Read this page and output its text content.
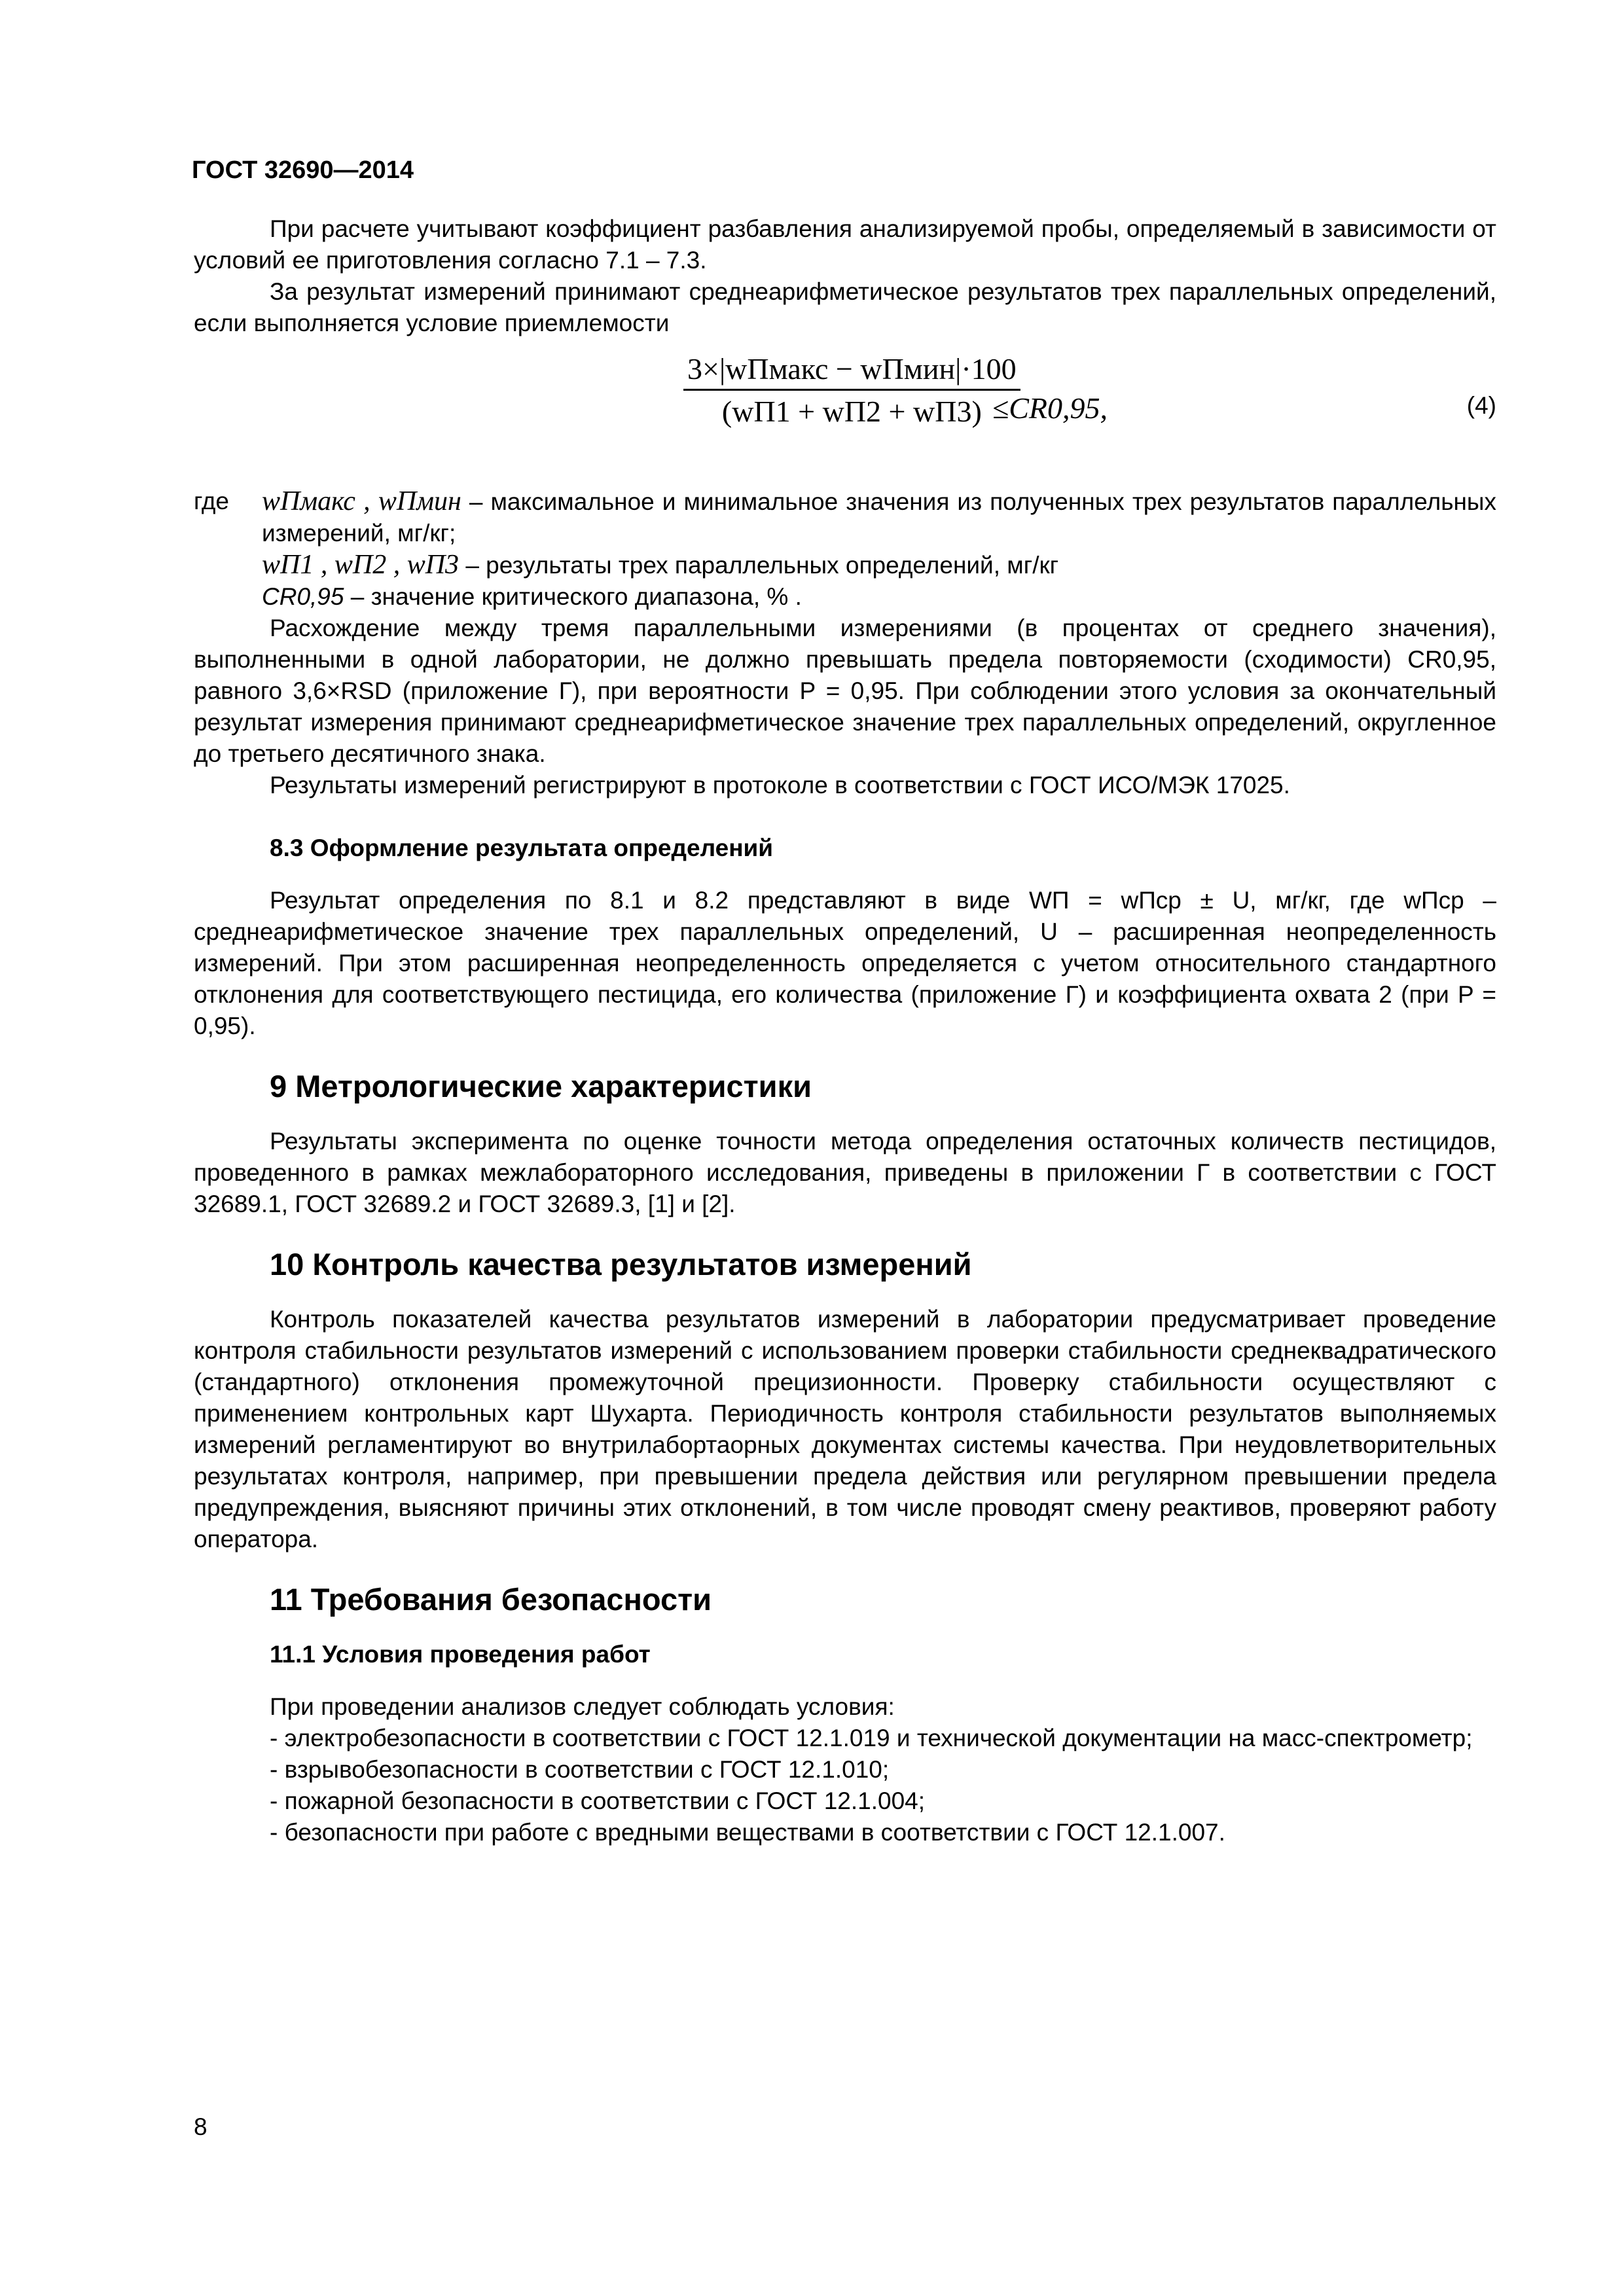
ГОСТ 32690—2014

При расчете учитывают коэффициент разбавления анализируемой пробы, определяемый в зависимости от условий ее приготовления согласно 7.1 – 7.3.

За результат измерений принимают среднеарифметическое результатов трех параллельных определений, если выполняется условие приемлемости

3×|wПмакс − wПмин|·100
(wП1 + wП2 + wП3) ≤CR0,95,	(4)
где wПмакс , wПмин – максимальное и минимальное значения из полученных трех результатов параллельных измерений, мг/кг;

wП1 , wП2 , wП3 – результаты трех параллельных определений, мг/кг

CR0,95 – значение критического диапазона, % .

Расхождение между тремя параллельными измерениями (в процентах от среднего значения), выполненными в одной лаборатории, не должно превышать предела повторяемости (сходимости) CR0,95, равного 3,6×RSD (приложение Г), при вероятности P = 0,95. При соблюдении этого условия за окончательный результат измерения принимают среднеарифметическое значение трех параллельных определений, округленное до третьего десятичного знака.

Результаты измерений регистрируют в протоколе в соответствии с ГОСТ ИСО/МЭК 17025.

8.3 Оформление результата определений

Результат определения по 8.1 и 8.2 представляют в виде WП = wПср ± U, мг/кг, где wПср – среднеарифметическое значение трех параллельных определений, U – расширенная неопределенность измерений. При этом расширенная неопределенность определяется с учетом относительного стандартного отклонения для соответствующего пестицида, его количества (приложение Г) и коэффициента охвата 2 (при P = 0,95).

9 Метрологические характеристики

Результаты эксперимента по оценке точности метода определения остаточных количеств пестицидов, проведенного в рамках межлабораторного исследования, приведены в приложении Г в соответствии с ГОСТ 32689.1, ГОСТ 32689.2 и ГОСТ 32689.3, [1] и [2].

10 Контроль качества результатов измерений

Контроль показателей качества результатов измерений в лаборатории предусматривает проведение контроля стабильности результатов измерений с использованием проверки стабильности среднеквадратического (стандартного) отклонения промежуточной прецизионности. Проверку стабильности осуществляют с применением контрольных карт Шухарта. Периодичность контроля стабильности результатов выполняемых измерений регламентируют во внутрилабортаорных документах системы качества. При неудовлетворительных результатах контроля, например, при превышении предела действия или регулярном превышении предела предупреждения, выясняют причины этих отклонений, в том числе проводят смену реактивов, проверяют работу оператора.

11 Требования безопасности
11.1 Условия проведения работ

При проведении анализов следует соблюдать условия:

- электробезопасности в соответствии с ГОСТ 12.1.019 и технической документации на масс-спектрометр;

- взрывобезопасности в соответствии с ГОСТ 12.1.010;

- пожарной безопасности в соответствии с ГОСТ 12.1.004;

- безопасности при работе с вредными веществами в соответствии с ГОСТ 12.1.007.

8
